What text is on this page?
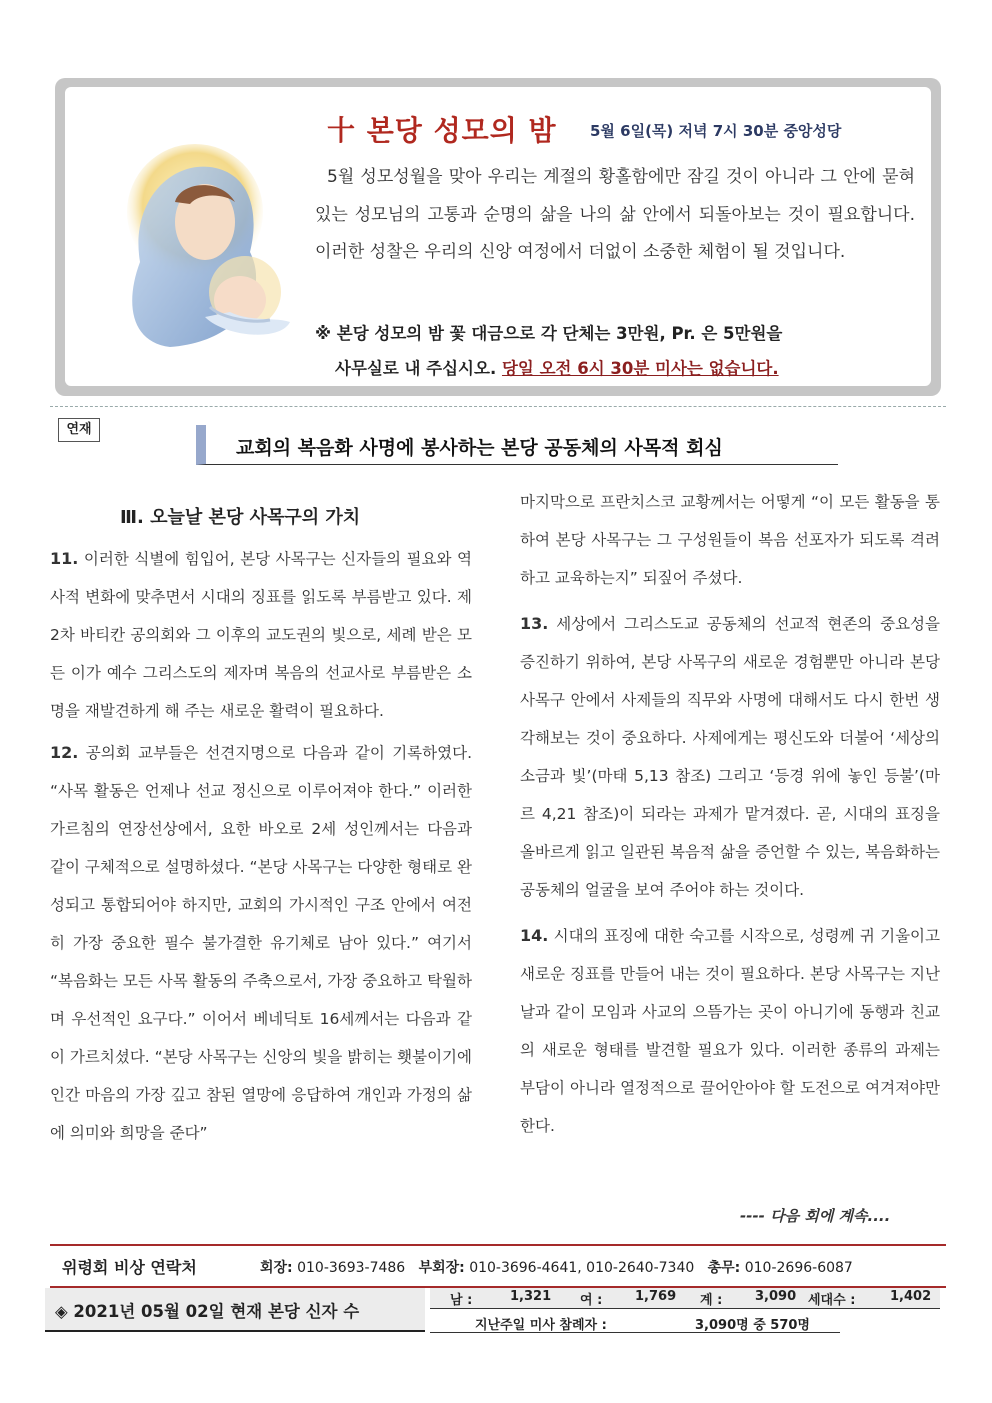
十 본당 성모의 밤 5월 6일(목) 저녁 7시 30분 중앙성당

5월 성모성월을 맞아 우리는 계절의 황홀함에만 잠길 것이 아니라 그 안에 묻혀 있는 성모님의 고통과 순명의 삶을 나의 삶 안에서 되돌아보는 것이 필요합니다. 이러한 성찰은 우리의 신앙 여정에서 더없이 소중한 체험이 될 것입니다.

※ 본당 성모의 밤 꽃 대금으로 각 단체는 3만원, Pr. 은 5만원을
사무실로 내 주십시오. 당일 오전 6시 30분 미사는 없습니다.
연재
교회의 복음화 사명에 봉사하는 본당 공동체의 사목적 회심
Ⅲ. 오늘날 본당 사목구의 가치

11. 이러한 식별에 힘입어, 본당 사목구는 신자들의 필요와 역사적 변화에 맞추면서 시대의 징표를 읽도록 부름받고 있다. 제2차 바티칸 공의회와 그 이후의 교도권의 빛으로, 세례 받은 모든 이가 예수 그리스도의 제자며 복음의 선교사로 부름받은 소명을 재발견하게 해 주는 새로운 활력이 필요하다.

12. 공의회 교부들은 선견지명으로 다음과 같이 기록하였다. “사목 활동은 언제나 선교 정신으로 이루어져야 한다.” 이러한 가르침의 연장선상에서, 요한 바오로 2세 성인께서는 다음과 같이 구체적으로 설명하셨다. “본당 사목구는 다양한 형태로 완성되고 통합되어야 하지만, 교회의 가시적인 구조 안에서 여전히 가장 중요한 필수 불가결한 유기체로 남아 있다.” 여기서 “복음화는 모든 사목 활동의 주축으로서, 가장 중요하고 탁월하며 우선적인 요구다.” 이어서 베네딕토 16세께서는 다음과 같이 가르치셨다. “본당 사목구는 신앙의 빛을 밝히는 횃불이기에 인간 마음의 가장 깊고 참된 열망에 응답하여 개인과 가정의 삶에 의미와 희망을 준다”

마지막으로 프란치스코 교황께서는 어떻게 “이 모든 활동을 통하여 본당 사목구는 그 구성원들이 복음 선포자가 되도록 격려하고 교육하는지” 되짚어 주셨다.

13. 세상에서 그리스도교 공동체의 선교적 현존의 중요성을 증진하기 위하여, 본당 사목구의 새로운 경험뿐만 아니라 본당 사목구 안에서 사제들의 직무와 사명에 대해서도 다시 한번 생각해보는 것이 중요하다. 사제에게는 평신도와 더불어 ‘세상의 소금과 빛’(마태 5,13 참조) 그리고 ‘등경 위에 놓인 등불’(마르 4,21 참조)이 되라는 과제가 맡겨졌다. 곧, 시대의 표징을 올바르게 읽고 일관된 복음적 삶을 증언할 수 있는, 복음화하는 공동체의 얼굴을 보여 주어야 하는 것이다.

14. 시대의 표징에 대한 숙고를 시작으로, 성령께 귀 기울이고 새로운 징표를 만들어 내는 것이 필요하다. 본당 사목구는 지난날과 같이 모임과 사교의 으뜸가는 곳이 아니기에 동행과 친교의 새로운 형태를 발견할 필요가 있다. 이러한 종류의 과제는 부담이 아니라 열정적으로 끌어안아야 할 도전으로 여겨져야만 한다.

---- 다음 회에 계속....
위령회 비상 연락처	회장: 010-3693-7486 부회장: 010-3696-4641, 010-2640-7340 총무: 010-2696-6087
◈ 2021년 05월 02일 현재 본당 신자 수
남 :	1,321 여 :	1,769 계 :	3,090 세대수 :	1,402
지난주일 미사 참례자 :	3,090명 중 570명
